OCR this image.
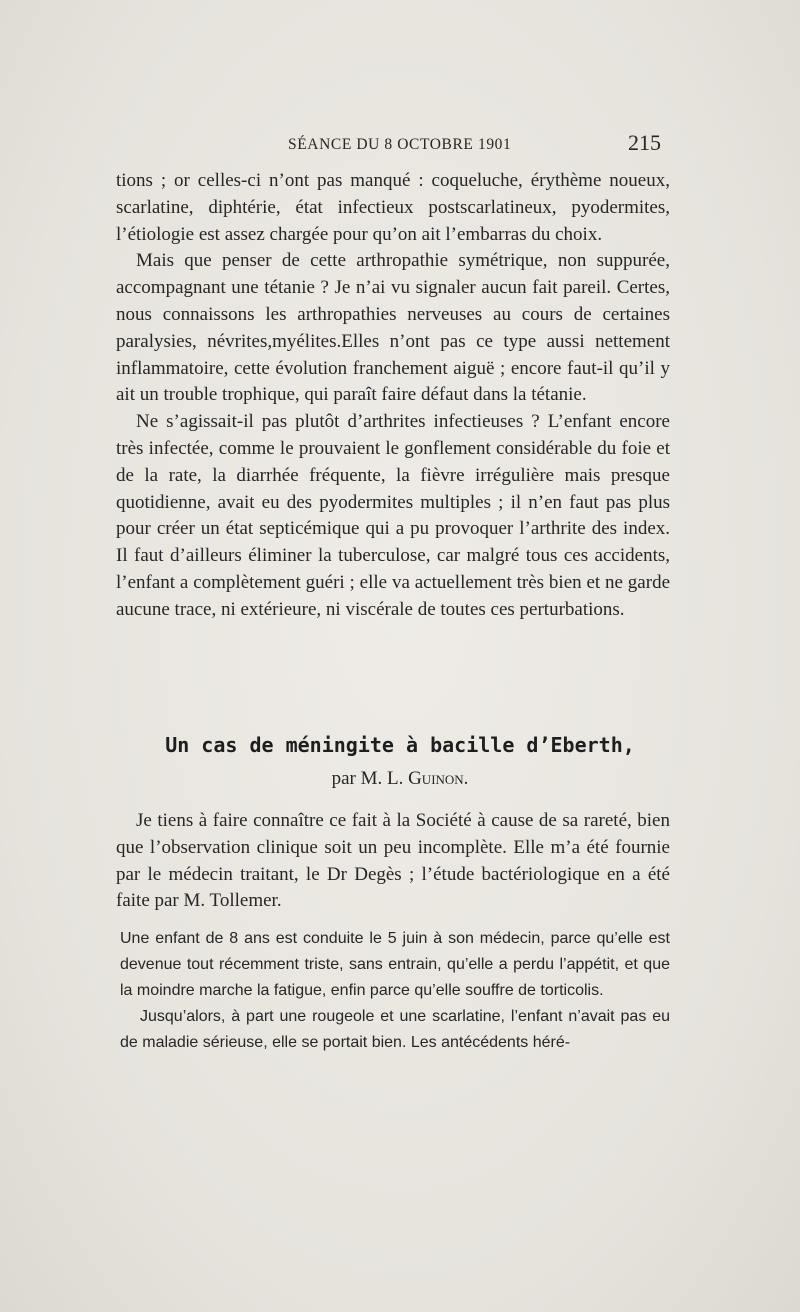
SÉANCE DU 8 OCTOBRE 1901	215

tions ; or celles-ci n’ont pas manqué : coqueluche, érythème noueux, scarlatine, diphtérie, état infectieux postscarlatineux, pyodermites, l’étiologie est assez chargée pour qu’on ait l’embarras du choix.

Mais que penser de cette arthropathie symétrique, non suppurée, accompagnant une tétanie ? Je n’ai vu signaler aucun fait pareil. Certes, nous connaissons les arthropathies nerveuses au cours de certaines paralysies, névrites,myélites.Elles n’ont pas ce type aussi nettement inflammatoire, cette évolution franchement aiguë ; encore faut-il qu’il y ait un trouble trophique, qui paraît faire défaut dans la tétanie.

Ne s’agissait-il pas plutôt d’arthrites infectieuses ? L’enfant encore très infectée, comme le prouvaient le gonflement considérable du foie et de la rate, la diarrhée fréquente, la fièvre irrégulière mais presque quotidienne, avait eu des pyodermites multiples ; il n’en faut pas plus pour créer un état septicémique qui a pu provoquer l’arthrite des index. Il faut d’ailleurs éliminer la tuberculose, car malgré tous ces accidents, l’enfant a complètement guéri ; elle va actuellement très bien et ne garde aucune trace, ni extérieure, ni viscérale de toutes ces perturbations.

Un cas de méningite à bacille d’Eberth,
par M. L. Guinon.

Je tiens à faire connaître ce fait à la Société à cause de sa rareté, bien que l’observation clinique soit un peu incomplète. Elle m’a été fournie par le médecin traitant, le Dr Degès ; l’étude bactériologique en a été faite par M. Tollemer.

Une enfant de 8 ans est conduite le 5 juin à son médecin, parce qu’elle est devenue tout récemment triste, sans entrain, qu’elle a perdu l’appétit, et que la moindre marche la fatigue, enfin parce qu’elle souffre de torticolis.

Jusqu’alors, à part une rougeole et une scarlatine, l’enfant n’avait pas eu de maladie sérieuse, elle se portait bien. Les antécédents héré-
